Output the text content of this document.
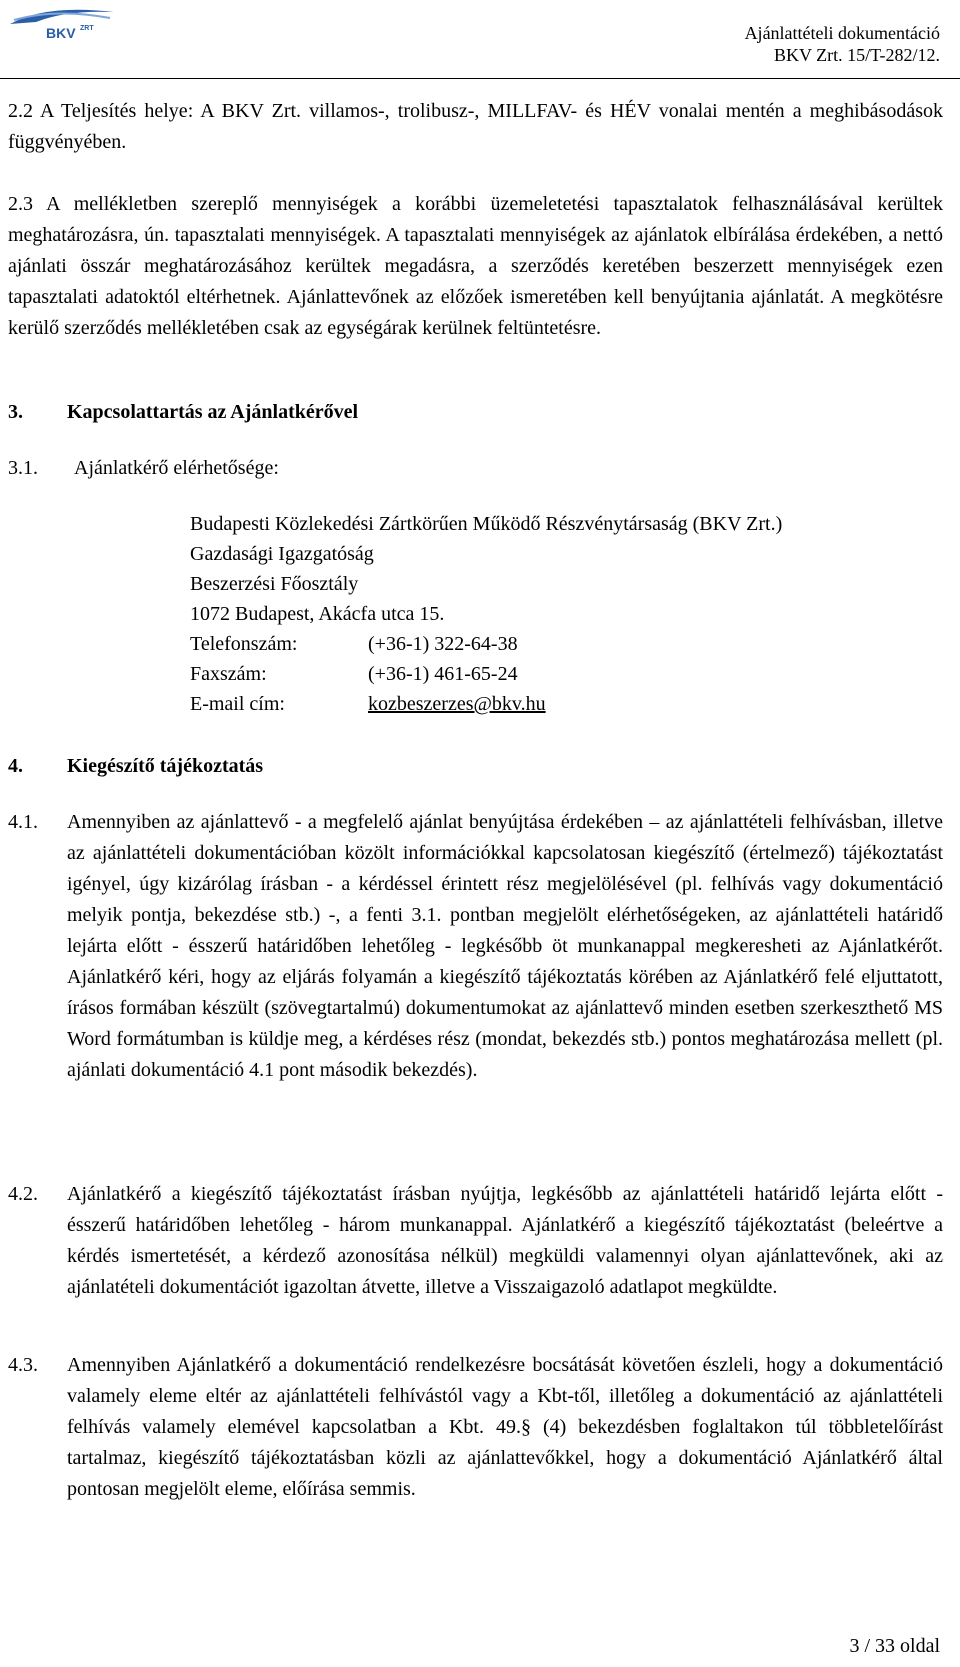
BKV ZRT	Ajánlattételi dokumentáció
BKV Zrt. 15/T-282/12.

2.2 A Teljesítés helye: A BKV Zrt. villamos-, trolibusz-, MILLFAV- és HÉV vonalai mentén a meghibásodások függvényében.

2.3 A mellékletben szereplő mennyiségek a korábbi üzemeletetési tapasztalatok felhasználásával kerültek meghatározásra, ún. tapasztalati mennyiségek. A tapasztalati mennyiségek az ajánlatok elbírálása érdekében, a nettó ajánlati összár meghatározásához kerültek megadásra, a szerződés keretében beszerzett mennyiségek ezen tapasztalati adatoktól eltérhetnek. Ajánlattevőnek az előzőek ismeretében kell benyújtania ajánlatát. A megkötésre kerülő szerződés mellékletében csak az egységárak kerülnek feltüntetésre.

3. Kapcsolattartás az Ajánlatkérővel
3.1. Ajánlatkérő elérhetősége:
Budapesti Közlekedési Zártkörűen Működő Részvénytársaság (BKV Zrt.)
Gazdasági Igazgatóság
Beszerzési Főosztály
1072 Budapest, Akácfa utca 15.
Telefonszám:	(+36-1) 322-64-38
Faxszám:	(+36-1) 461-65-24
E-mail cím:	kozbeszerzes@bkv.hu
4. Kiegészítő tájékoztatás
4.1. Amennyiben az ajánlattevő - a megfelelő ajánlat benyújtása érdekében – az ajánlattételi felhívásban, illetve az ajánlattételi dokumentációban közölt információkkal kapcsolatosan kiegészítő (értelmező) tájékoztatást igényel, úgy kizárólag írásban - a kérdéssel érintett rész megjelölésével (pl. felhívás vagy dokumentáció melyik pontja, bekezdése stb.) -, a fenti 3.1. pontban megjelölt elérhetőségeken, az ajánlattételi határidő lejárta előtt - ésszerű határidőben lehetőleg - legkésőbb öt munkanappal megkeresheti az Ajánlatkérőt. Ajánlatkérő kéri, hogy az eljárás folyamán a kiegészítő tájékoztatás körében az Ajánlatkérő felé eljuttatott, írásos formában készült (szövegtartalmú) dokumentumokat az ajánlattevő minden esetben szerkeszthető MS Word formátumban is küldje meg, a kérdéses rész (mondat, bekezdés stb.) pontos meghatározása mellett (pl. ajánlati dokumentáció 4.1 pont második bekezdés).

4.2. Ajánlatkérő a kiegészítő tájékoztatást írásban nyújtja, legkésőbb az ajánlattételi határidő lejárta előtt - ésszerű határidőben lehetőleg - három munkanappal. Ajánlatkérő a kiegészítő tájékoztatást (beleértve a kérdés ismertetését, a kérdező azonosítása nélkül) megküldi valamennyi olyan ajánlattevőnek, aki az ajánlatételi dokumentációt igazoltan átvette, illetve a Visszaigazoló adatlapot megküldte.

4.3. Amennyiben Ajánlatkérő a dokumentáció rendelkezésre bocsátását követően észleli, hogy a dokumentáció valamely eleme eltér az ajánlattételi felhívástól vagy a Kbt-től, illetőleg a dokumentáció az ajánlattételi felhívás valamely elemével kapcsolatban a Kbt. 49.§ (4) bekezdésben foglaltakon túl többletelőírást tartalmaz, kiegészítő tájékoztatásban közli az ajánlattevőkkel, hogy a dokumentáció Ajánlatkérő által pontosan megjelölt eleme, előírása semmis.

3 / 33 oldal
